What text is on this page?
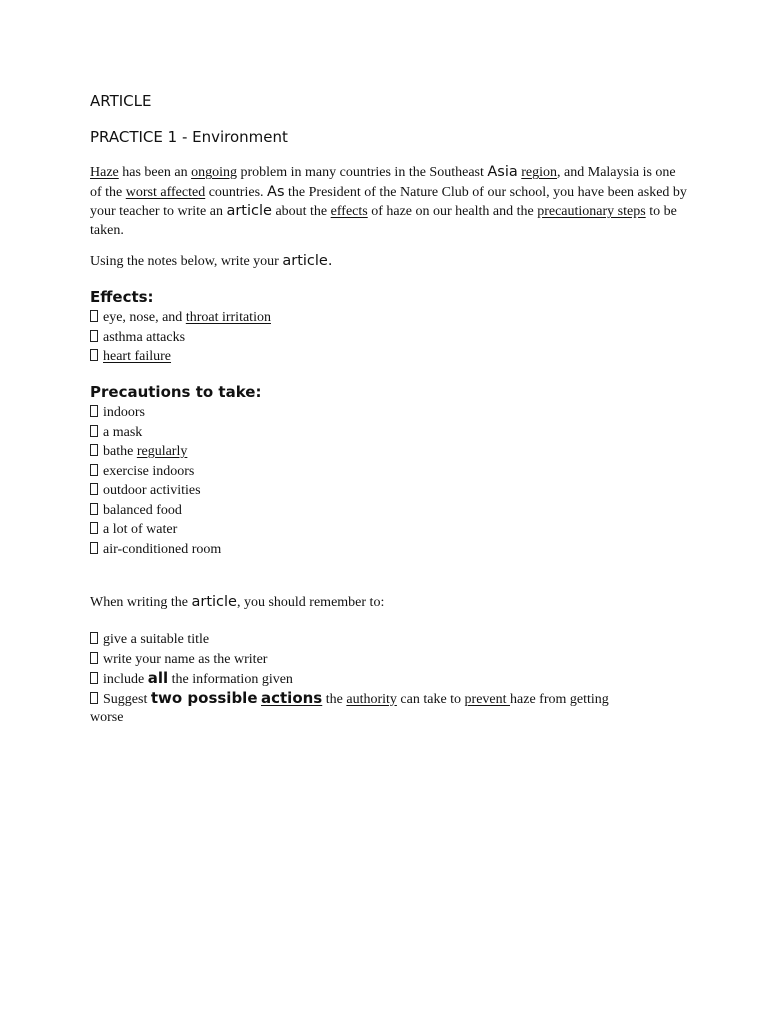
ARTICLE
PRACTICE 1 - Environment

Haze has been an ongoing problem in many countries in the Southeast Asia region, and Malaysia is one of the worst affected countries. As the President of the Nature Club of our school, you have been asked by your teacher to write an article about the effects of haze on our health and the precautionary steps to be taken.

Using the notes below, write your article.

Effects:
eye, nose, and throat irritation
asthma attacks
heart failure
Precautions to take:
indoors
a mask
bathe regularly
exercise indoors
outdoor activities
balanced food
a lot of water
air-conditioned room

When writing the article, you should remember to:

give a suitable title
write your name as the writer
include all the information given
Suggest two possible actions the authority can take to prevent haze from getting
worse
